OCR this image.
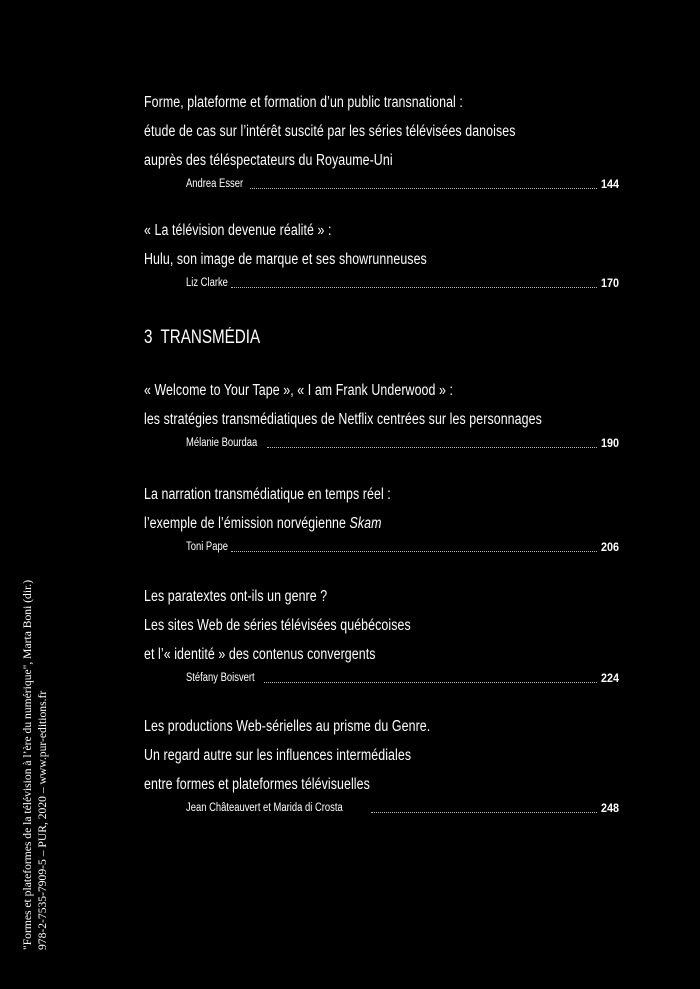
Forme, plateforme et formation d’un public transnational :
étude de cas sur l’intérêt suscité par les séries télévisées danoises
auprès des téléspectateurs du Royaume-Uni
Andrea Esser	144
« La télévision devenue réalité » :
Hulu, son image de marque et ses showrunneuses
Liz Clarke	170
3 TRANSMÉDIA
« Welcome to Your Tape », « I am Frank Underwood » :
les stratégies transmédiatiques de Netflix centrées sur les personnages
Mélanie Bourdaa	190
La narration transmédiatique en temps réel :
l’exemple de l’émission norvégienne Skam
Toni Pape	206
Les paratextes ont-ils un genre ?
Les sites Web de séries télévisées québécoises
et l’« identité » des contenus convergents
Stéfany Boisvert	224
Les productions Web-sérielles au prisme du Genre.
Un regard autre sur les influences intermédiales
entre formes et plateformes télévisuelles
Jean Châteauvert et Marida di Crosta	248
"Formes et plateformes de la télévision à l’ère du numérique", Marta Boni (dir.) 978-2-7535-7909-5 – PUR, 2020 – www.pur-editions.fr
